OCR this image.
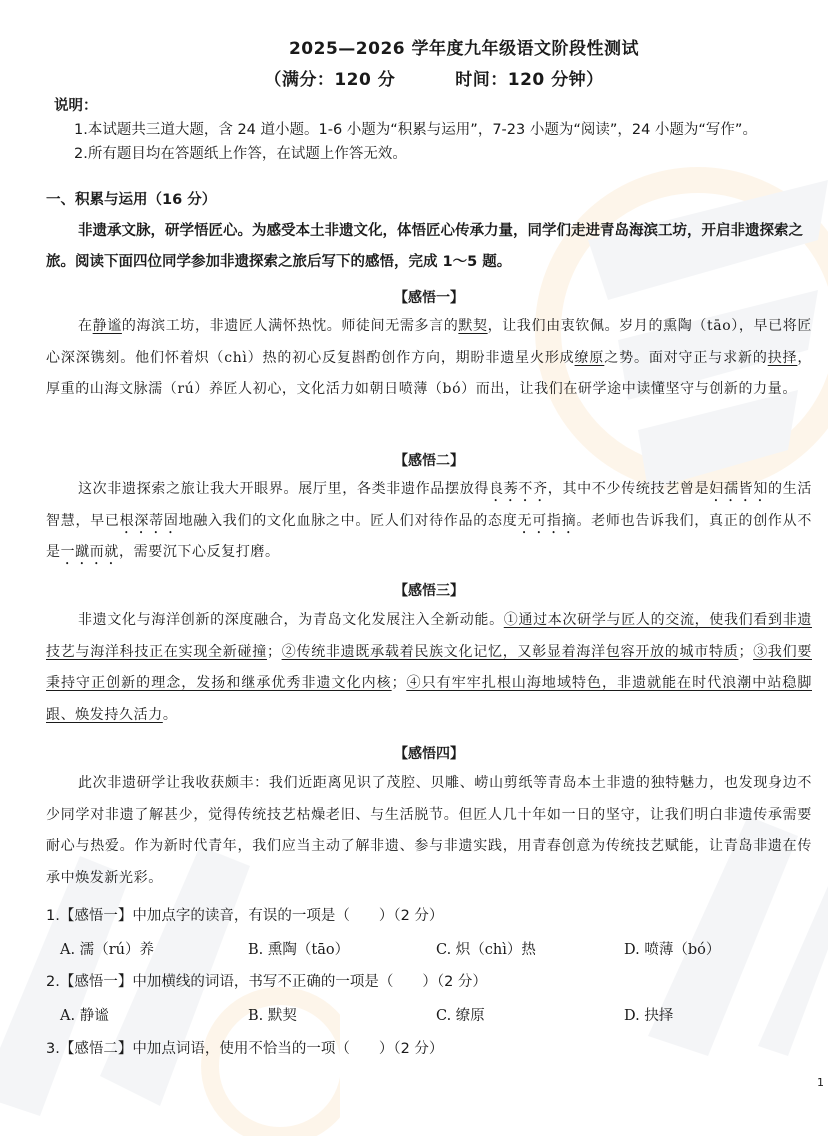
2025—2026 学年度九年级语文阶段性测试
（满分：120 分	时间：120 分钟）

说明：

1.本试题共三道大题，含 24 道小题。1-6 小题为“积累与运用”，7-23 小题为“阅读”，24 小题为“写作”。

2.所有题目均在答题纸上作答，在试题上作答无效。

一、积累与运用（16 分）
非遗承文脉，研学悟匠心。为感受本土非遗文化，体悟匠心传承力量，同学们走进青岛海滨工坊，开启非遗探索之旅。阅读下面四位同学参加非遗探索之旅后写下的感悟，完成 1～5 题。
【感悟一】
在静谧的海滨工坊，非遗匠人满怀热忱。师徒间无需多言的默契，让我们由衷钦佩。岁月的熏陶（tāo），早已将匠心深深镌刻。他们怀着炽（chì）热的初心反复斟酌创作方向，期盼非遗星火形成缭原之势。面对守正与求新的抉择，厚重的山海文脉濡（rú）养匠人初心，文化活力如朝日喷薄（bó）而出，让我们在研学途中读懂坚守与创新的力量。
【感悟二】
这次非遗探索之旅让我大开眼界。展厅里，各类非遗作品摆放得良莠不齐，其中不少传统技艺曾是妇孺皆知的生活智慧，早已根深蒂固地融入我们的文化血脉之中。匠人们对待作品的态度无可指摘。老师也告诉我们，真正的创作从不是一蹴而就，需要沉下心反复打磨。
【感悟三】
非遗文化与海洋创新的深度融合，为青岛文化发展注入全新动能。①通过本次研学与匠人的交流，使我们看到非遗技艺与海洋科技正在实现全新碰撞；②传统非遗既承载着民族文化记忆，又彰显着海洋包容开放的城市特质；③我们要秉持守正创新的理念，发扬和继承优秀非遗文化内核；④只有牢牢扎根山海地域特色，非遗就能在时代浪潮中站稳脚跟、焕发持久活力。
【感悟四】
此次非遗研学让我收获颇丰：我们近距离见识了茂腔、贝雕、崂山剪纸等青岛本土非遗的独特魅力，也发现身边不少同学对非遗了解甚少，觉得传统技艺枯燥老旧、与生活脱节。但匠人几十年如一日的坚守，让我们明白非遗传承需要耐心与热爱。作为新时代青年，我们应当主动了解非遗、参与非遗实践，用青春创意为传统技艺赋能，让青岛非遗在传承中焕发新光彩。
1.【感悟一】中加点字的读音，有误的一项是（　　）（2 分）
A. 濡（rú）养	B. 熏陶（tāo）	C. 炽（chì）热	D. 喷薄（bó）
2.【感悟一】中加横线的词语，书写不正确的一项是（　　）（2 分）
A. 静谧	B. 默契	C. 缭原	D. 抉择
3.【感悟二】中加点词语，使用不恰当的一项（　　）（2 分）
1
